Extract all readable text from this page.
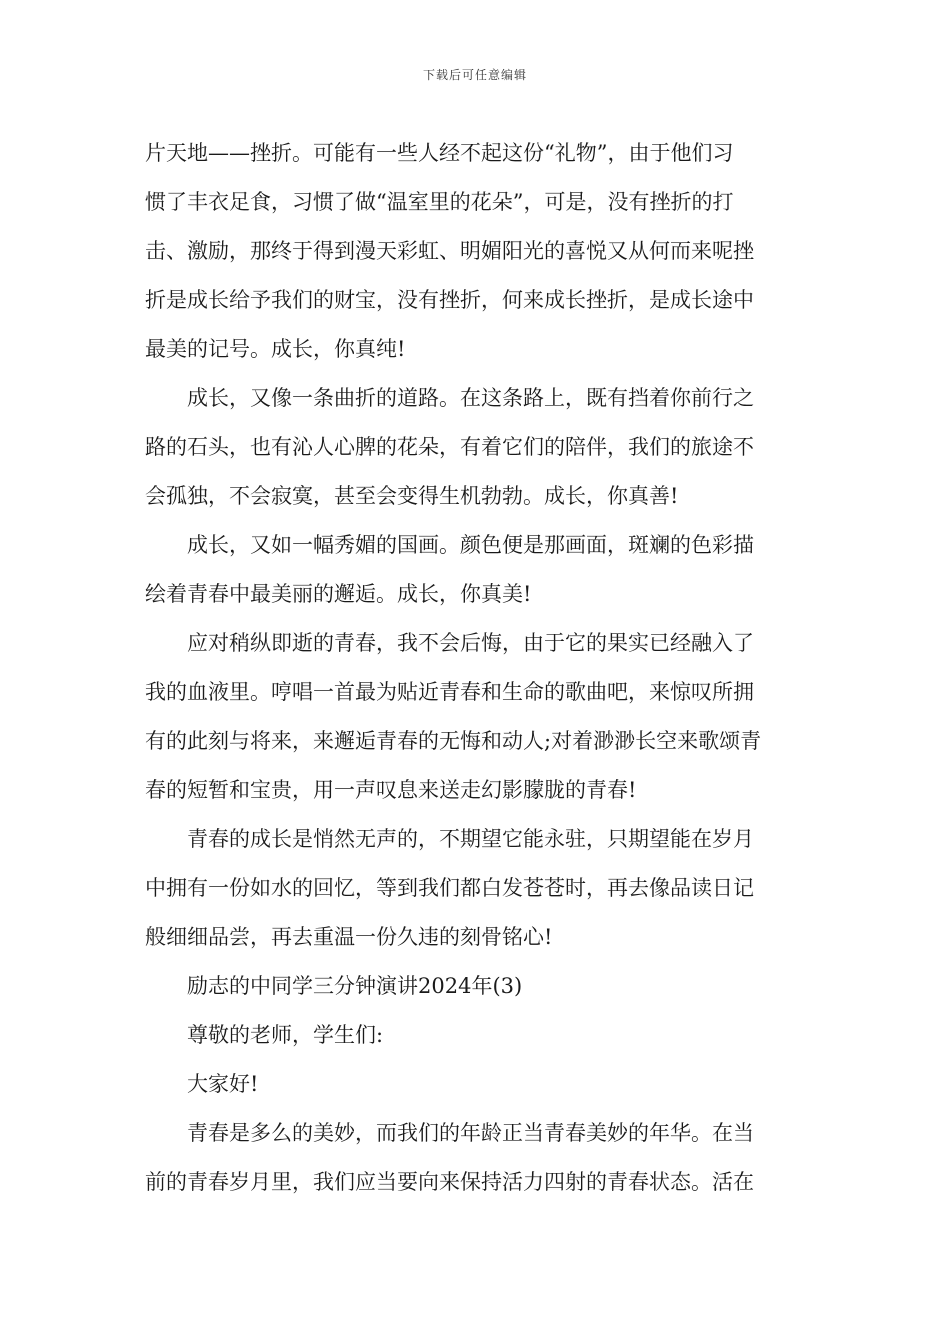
下载后可任意编辑
片天地——挫折。可能有一些人经不起这份“礼物”，由于他们习
惯了丰衣足食，习惯了做“温室里的花朵”，可是，没有挫折的打
击、激励，那终于得到漫天彩虹、明媚阳光的喜悦又从何而来呢挫
折是成长给予我们的财宝，没有挫折，何来成长挫折，是成长途中
最美的记号。成长，你真纯!
成长，又像一条曲折的道路。在这条路上，既有挡着你前行之
路的石头，也有沁人心脾的花朵，有着它们的陪伴，我们的旅途不
会孤独，不会寂寞，甚至会变得生机勃勃。成长，你真善!
成长，又如一幅秀媚的国画。颜色便是那画面，斑斓的色彩描
绘着青春中最美丽的邂逅。成长，你真美!
应对稍纵即逝的青春，我不会后悔，由于它的果实已经融入了
我的血液里。哼唱一首最为贴近青春和生命的歌曲吧，来惊叹所拥
有的此刻与将来，来邂逅青春的无悔和动人;对着渺渺长空来歌颂青
春的短暂和宝贵，用一声叹息来送走幻影朦胧的青春!
青春的成长是悄然无声的，不期望它能永驻，只期望能在岁月
中拥有一份如水的回忆，等到我们都白发苍苍时，再去像品读日记
般细细品尝，再去重温一份久违的刻骨铭心!
励志的中同学三分钟演讲2024年(3)
尊敬的老师，学生们:
大家好!
青春是多么的美妙，而我们的年龄正当青春美妙的年华。在当
前的青春岁月里，我们应当要向来保持活力四射的青春状态。活在
